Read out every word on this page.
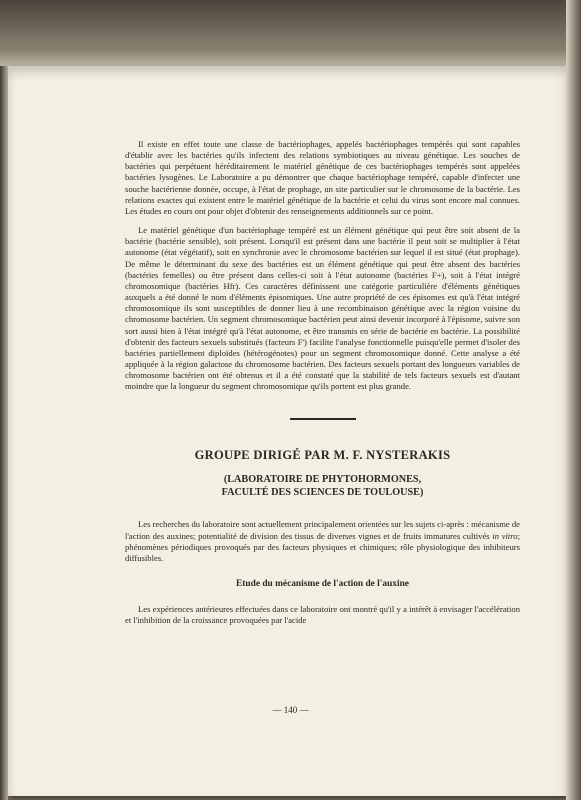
Il existe en effet toute une classe de bactériophages, appelés bactériophages tempérés qui sont capables d'établir avec les bactéries qu'ils infectent des relations symbiotiques au niveau génétique. Les souches de bactéries qui perpétuent héréditairement le matériel génétique de ces bactériophages tempérés sont appelées bactéries lysogènes. Le Laboratoire a pu démontrer que chaque bactériophage tempéré, capable d'infecter une souche bactérienne donnée, occupe, à l'état de prophage, un site particulier sur le chromosome de la bactérie. Les relations exactes qui existent entre le matériel génétique de la bactérie et celui du virus sont encore mal connues. Les études en cours ont pour objet d'obtenir des renseignements additionnels sur ce point.

Le matériel génétique d'un bactériophage tempéré est un élément génétique qui peut être soit absent de la bactérie (bactérie sensible), soit présent. Lorsqu'il est présent dans une bactérie il peut soit se multiplier à l'état autonome (état végétatif), soit en synchronie avec le chromosome bactérien sur lequel il est situé (état prophage). De même le déterminant du sexe des bactéries est un élément génétique qui peut être absent des bactéries (bactéries femelles) ou être présent dans celles-ci soit à l'état autonome (bactéries F+), soit à l'état intégré chromosomique (bactéries Hfr). Ces caractères définissent une catégorie particulière d'éléments génétiques auxquels a été donné le nom d'éléments épisomiques. Une autre propriété de ces épisomes est qu'à l'état intégré chromosomique ils sont susceptibles de donner lieu à une recombinaison génétique avec la région voisine du chromosome bactérien. Un segment chromosomique bactérien peut ainsi devenir incorporé à l'épisome, suivre son sort aussi bien à l'état intégré qu'à l'état autonome, et être transmis en série de bactérie en bactérie. La possibilité d'obtenir des facteurs sexuels substitués (facteurs F') facilite l'analyse fonctionnelle puisqu'elle permet d'isoler des bactéries partiellement diploïdes (hétérogénotes) pour un segment chromosomique donné. Cette analyse a été appliquée à la région galactose du chromosome bactérien. Des facteurs sexuels portant des longueurs variables de chromosome bactérien ont été obtenus et il a été constaté que la stabilité de tels facteurs sexuels est d'autant moindre que la longueur du segment chromosomique qu'ils portent est plus grande.

GROUPE DIRIGÉ PAR M. F. NYSTERAKIS
(LABORATOIRE DE PHYTOHORMONES,
FACULTÉ DES SCIENCES DE TOULOUSE)

Les recherches du laboratoire sont actuellement principalement orientées sur les sujets ci-après : mécanisme de l'action des auxines; potentialité de division des tissus de diverses vignes et de fruits immatures cultivés in vitro; phénomènes périodiques provoqués par des facteurs physiques et chimiques; rôle physiologique des inhibiteurs diffusibles.

Etude du mécanisme de l'action de l'auxine

Les expériences antérieures effectuées dans ce laboratoire ont montré qu'il y a intérêt à envisager l'accélération et l'inhibition de la croissance provoquées par l'acide

— 140 —
